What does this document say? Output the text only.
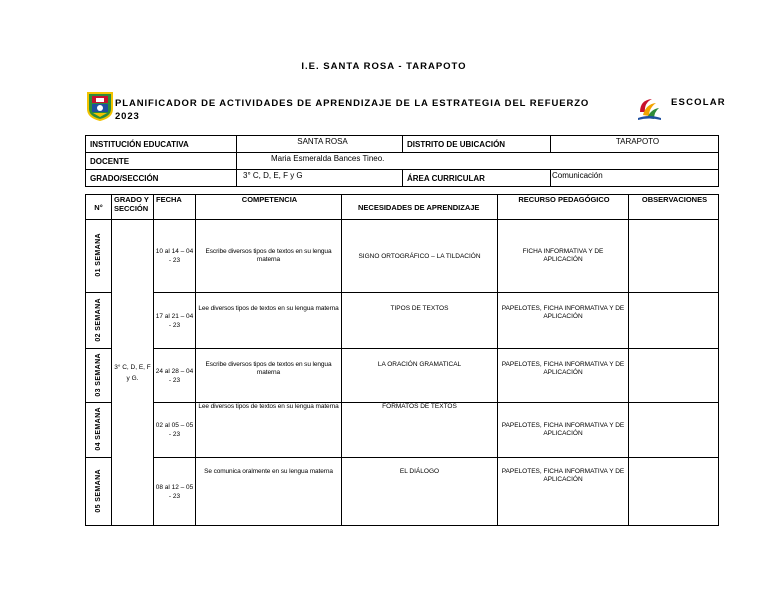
I.E. SANTA ROSA - TARAPOTO
PLANIFICADOR DE ACTIVIDADES DE APRENDIZAJE DE LA ESTRATEGIA DEL REFUERZO
2023
ESCOLAR
INSTITUCIÓN EDUCATIVA	SANTA ROSA	DISTRITO DE UBICACIÓN	TARAPOTO
DOCENTE	Maria Esmeralda Bances Tineo.		
GRADO/SECCIÓN	3° C, D, E, F y G	ÁREA CURRICULAR	Comunicación
N°	GRADO Y SECCIÓN	FECHA	COMPETENCIA	NECESIDADES DE APRENDIZAJE	RECURSO PEDAGÓGICO	OBSERVACIONES
01 SEMANA	3° C, D, E, F y G.	10 al 14 – 04 - 23	Escribe diversos tipos de textos en su lengua materna	SIGNO ORTOGRÁFICO – LA TILDACIÓN	FICHA INFORMATIVA Y DE APLICACIÓN	
02 SEMANA		17 al 21 – 04 - 23	Lee diversos tipos de textos en su lengua materna	TIPOS DE TEXTOS	PAPELOTES, FICHA INFORMATIVA Y DE APLICACIÓN	
03 SEMANA		24 al 28 – 04 - 23	Escribe diversos tipos de textos en su lengua materna	LA ORACIÓN GRAMATICAL	PAPELOTES, FICHA INFORMATIVA Y DE APLICACIÓN	
04 SEMANA		02 al 05 – 05 - 23	Lee diversos tipos de textos en su lengua materna	FORMATOS DE TEXTOS	PAPELOTES, FICHA INFORMATIVA Y DE APLICACIÓN	
05 SEMANA		08 al 12 – 05 - 23	Se comunica oralmente en su lengua materna	EL DIÁLOGO	PAPELOTES, FICHA INFORMATIVA Y DE APLICACIÓN	
